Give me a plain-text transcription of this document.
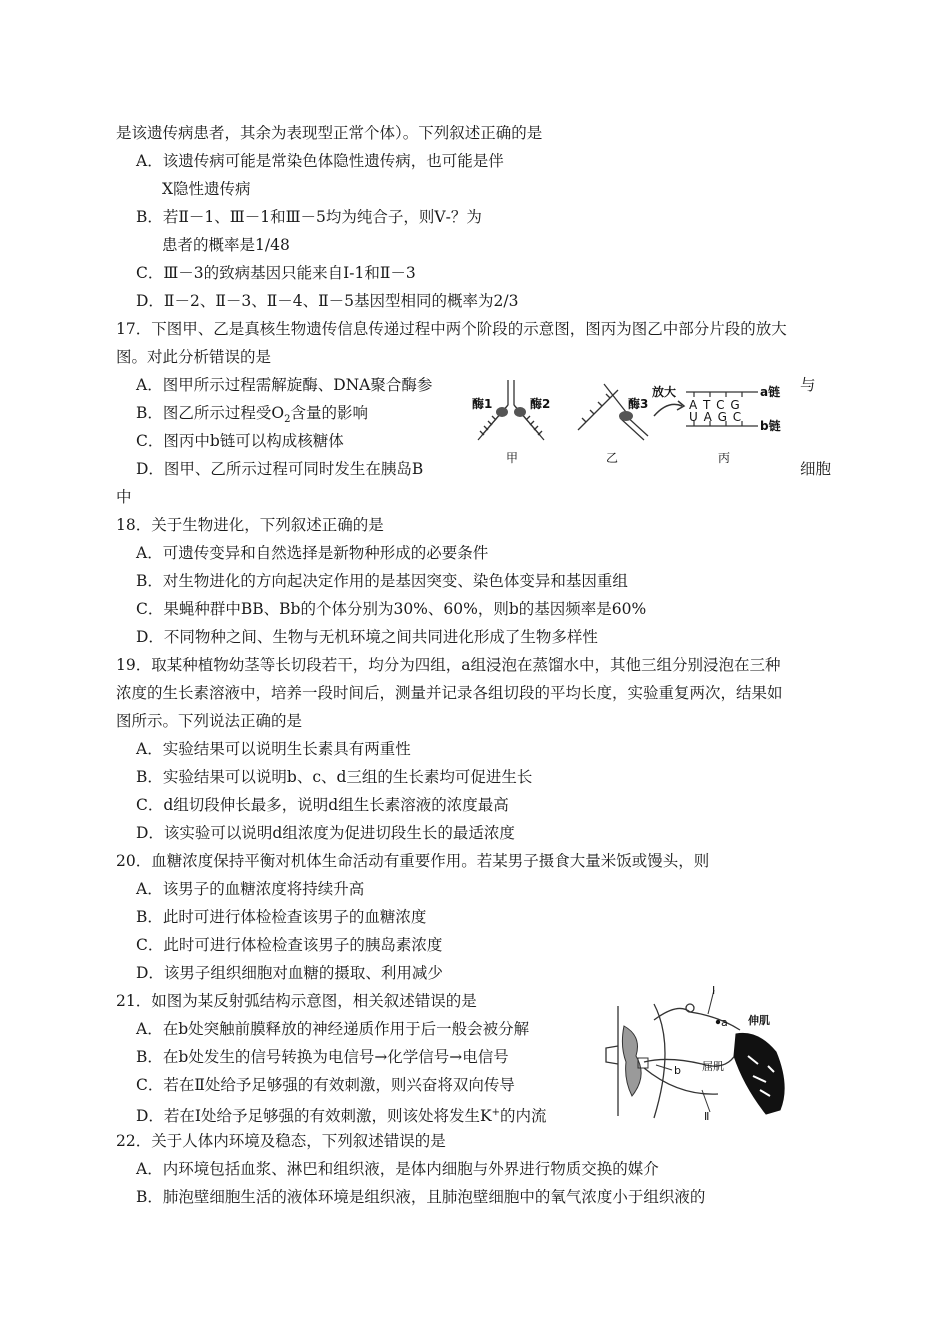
是该遗传病患者，其余为表现型正常个体）。下列叙述正确的是
A．该遗传病可能是常染色体隐性遗传病，也可能是伴
X隐性遗传病
B．若Ⅱ－1、Ⅲ－1和Ⅲ－5均为纯合子，则Ⅴ-？为
患者的概率是1/48
C．Ⅲ－3的致病基因只能来自Ⅰ-1和Ⅱ－3
D．Ⅱ－2、Ⅱ－3、Ⅱ－4、Ⅱ－5基因型相同的概率为2/3
17．下图甲、乙是真核生物遗传信息传递过程中两个阶段的示意图，图丙为图乙中部分片段的放大
图。对此分析错误的是
A．图甲所示过程需解旋酶、DNA聚合酶参	与
B．图乙所示过程受$O_2$含量的影响
C．图丙中b链可以构成核糖体
D．图甲、乙所示过程可同时发生在胰岛B	细胞
中
酶1	酶2
甲
酶3
乙
放大
A T C G
U A G C
a链
b链
丙
18．关于生物进化，下列叙述正确的是
A．可遗传变异和自然选择是新物种形成的必要条件
B．对生物进化的方向起决定作用的是基因突变、染色体变异和基因重组
C．果蝇种群中BB、Bb的个体分别为30%、60%，则b的基因频率是60%
D．不同物种之间、生物与无机环境之间共同进化形成了生物多样性
19．取某种植物幼茎等长切段若干，均分为四组，a组浸泡在蒸馏水中，其他三组分别浸泡在三种
浓度的生长素溶液中，培养一段时间后，测量并记录各组切段的平均长度，实验重复两次，结果如
图所示。下列说法正确的是
A．实验结果可以说明生长素具有两重性
B．实验结果可以说明b、c、d三组的生长素均可促进生长
C．d组切段伸长最多，说明d组生长素溶液的浓度最高
D．该实验可以说明d组浓度为促进切段生长的最适浓度
20．血糖浓度保持平衡对机体生命活动有重要作用。若某男子摄食大量米饭或馒头，则
A．该男子的血糖浓度将持续升高
B．此时可进行体检检查该男子的血糖浓度
C．此时可进行体检检查该男子的胰岛素浓度
D．该男子组织细胞对血糖的摄取、利用减少
21．如图为某反射弧结构示意图，相关叙述错误的是
A．在b处突触前膜释放的神经递质作用于后一般会被分解
B．在b处发生的信号转换为电信号→化学信号→电信号
C．若在Ⅱ处给予足够强的有效刺激，则兴奋将双向传导
D．若在Ⅰ处给予足够强的有效刺激，则该处将发生K+的内流
Ⅰ
a 伸肌
屈肌
b
Ⅱ
22．关于人体内环境及稳态，下列叙述错误的是
A．内环境包括血浆、淋巴和组织液，是体内细胞与外界进行物质交换的媒介
B．肺泡壁细胞生活的液体环境是组织液，且肺泡壁细胞中的氧气浓度小于组织液的
